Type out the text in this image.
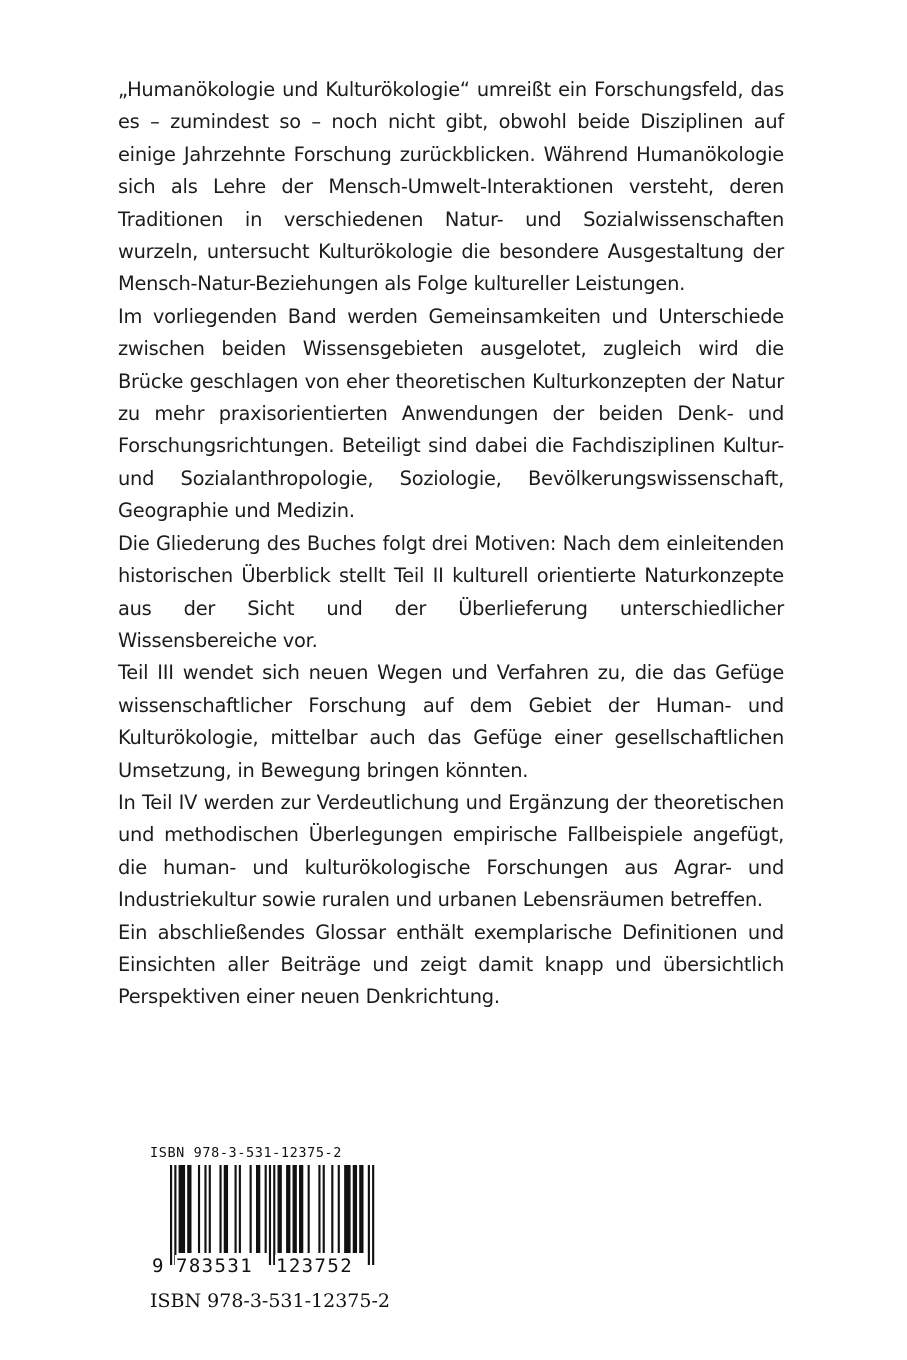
„Humanökologie und Kulturökologie“ umreißt ein Forschungsfeld, das es – zumindest so – noch nicht gibt, obwohl beide Disziplinen auf einige Jahrzehnte Forschung zurückblicken. Während Humanökologie sich als Lehre der Mensch-Umwelt-Interaktionen versteht, deren Traditionen in verschiedenen Natur- und Sozialwissenschaften wurzeln, untersucht Kulturökologie die besondere Ausgestaltung der Mensch-Natur-Beziehungen als Folge kultureller Leistungen.

Im vorliegenden Band werden Gemeinsamkeiten und Unterschiede zwischen beiden Wissensgebieten ausgelotet, zugleich wird die Brücke geschlagen von eher theoretischen Kulturkonzepten der Natur zu mehr praxisorientierten Anwendungen der beiden Denk- und Forschungsrichtungen. Beteiligt sind dabei die Fachdisziplinen Kultur- und Sozialanthropologie, Soziologie, Bevölkerungswissenschaft, Geographie und Medizin.

Die Gliederung des Buches folgt drei Motiven: Nach dem einleitenden historischen Überblick stellt Teil II kulturell orientierte Naturkonzepte aus der Sicht und der Überlieferung unterschiedlicher Wissensbereiche vor.

Teil III wendet sich neuen Wegen und Verfahren zu, die das Gefüge wissenschaftlicher Forschung auf dem Gebiet der Human- und Kulturökologie, mittelbar auch das Gefüge einer gesellschaftlichen Umsetzung, in Bewegung bringen könnten.

In Teil IV werden zur Verdeutlichung und Ergänzung der theoretischen und methodischen Überlegungen empirische Fallbeispiele angefügt, die human- und kulturökologische Forschungen aus Agrar- und Industriekultur sowie ruralen und urbanen Lebensräumen betreffen.

Ein abschließendes Glossar enthält exemplarische Definitionen und Einsichten aller Beiträge und zeigt damit knapp und übersichtlich Perspektiven einer neuen Denkrichtung.

ISBN 978-3-531-12375-2
9 783531 123752
ISBN 978-3-531-12375-2
